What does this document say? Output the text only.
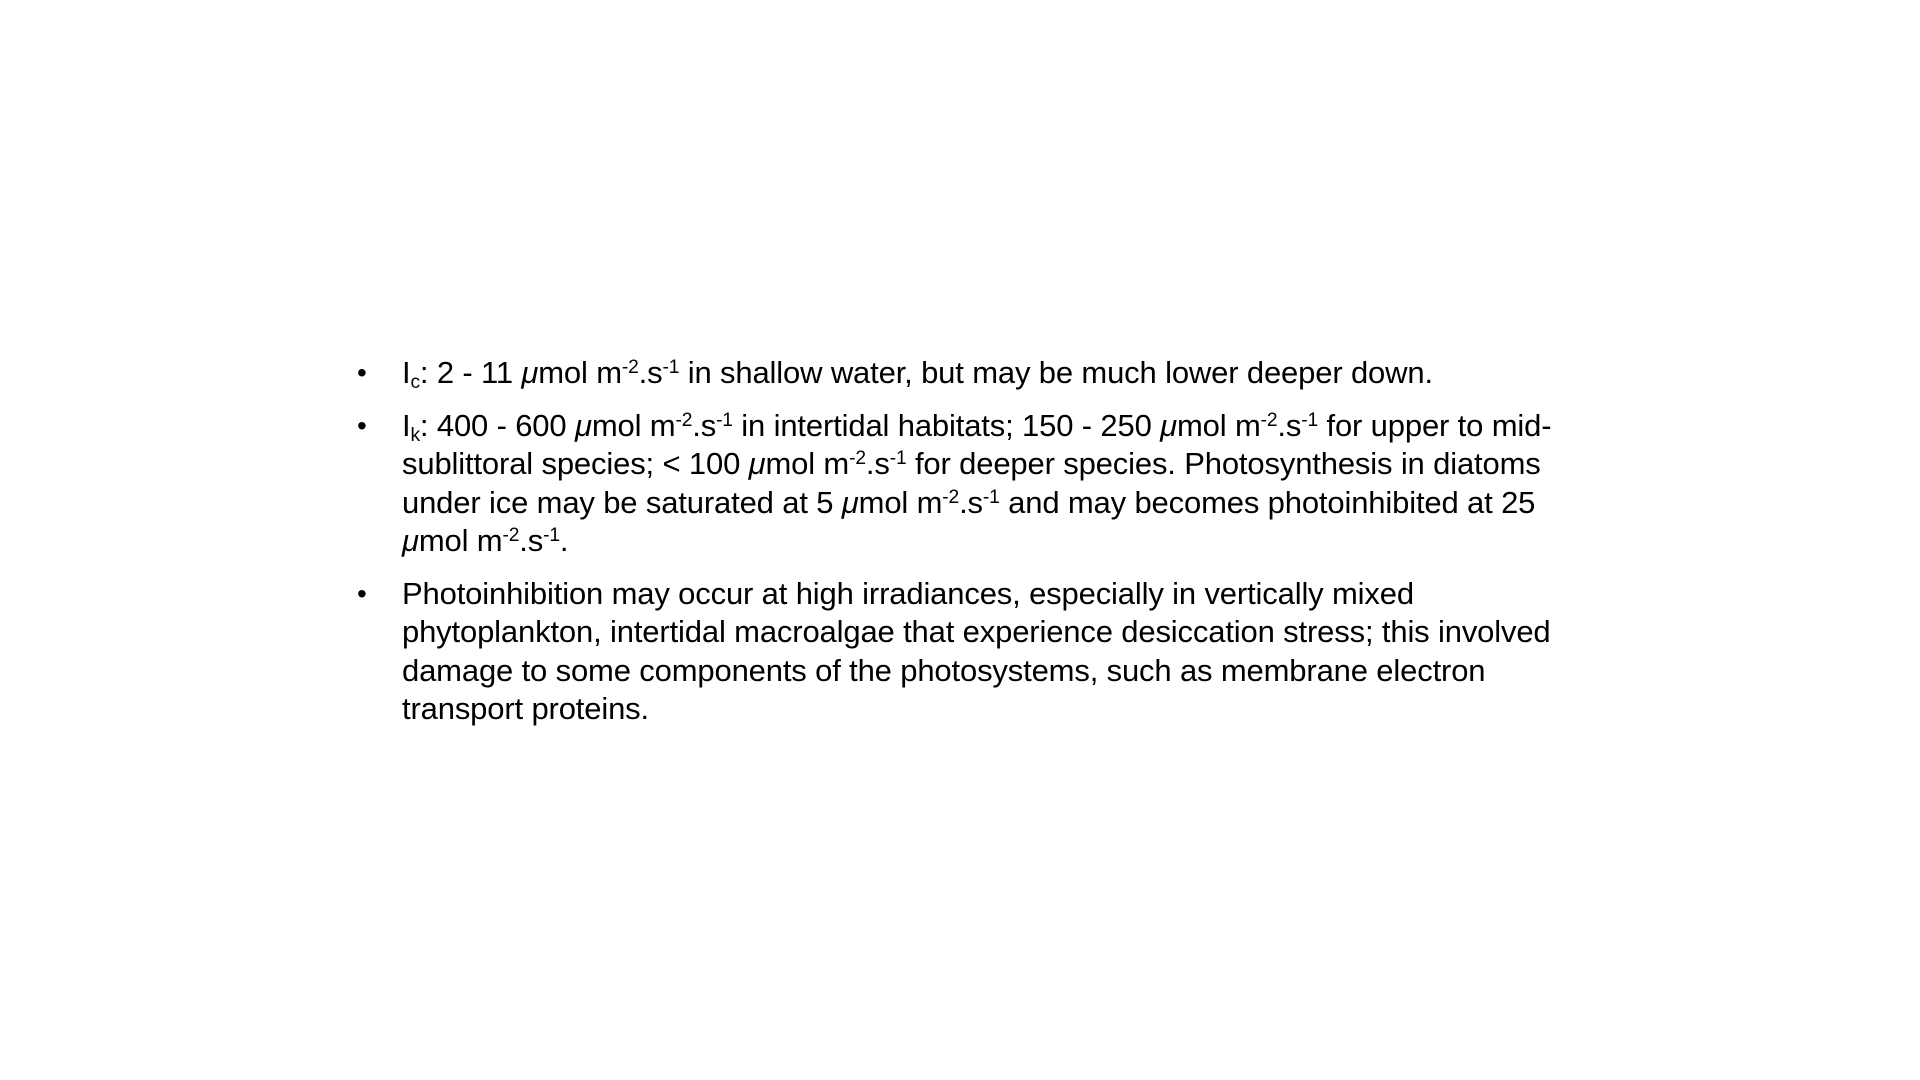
• $I_c$: 2 - 11 μmol $m^{-2}.s^{-1}$ in shallow water, but may be much lower deeper down.
• $I_k$: 400 - 600 μmol $m^{-2}.s^{-1}$ in intertidal habitats; 150 - 250 μmol $m^{-2}.s^{-1}$ for upper to mid-sublittoral species; < 100 μmol $m^{-2}.s^{-1}$ for deeper species. Photosynthesis in diatoms under ice may be saturated at 5 μmol $m^{-2}.s^{-1}$ and may becomes photoinhibited at 25 μmol $m^{-2}.s^{-1}$.
• Photoinhibition may occur at high irradiances, especially in vertically mixed phytoplankton, intertidal macroalgae that experience desiccation stress; this involved damage to some components of the photosystems, such as membrane electron transport proteins.
